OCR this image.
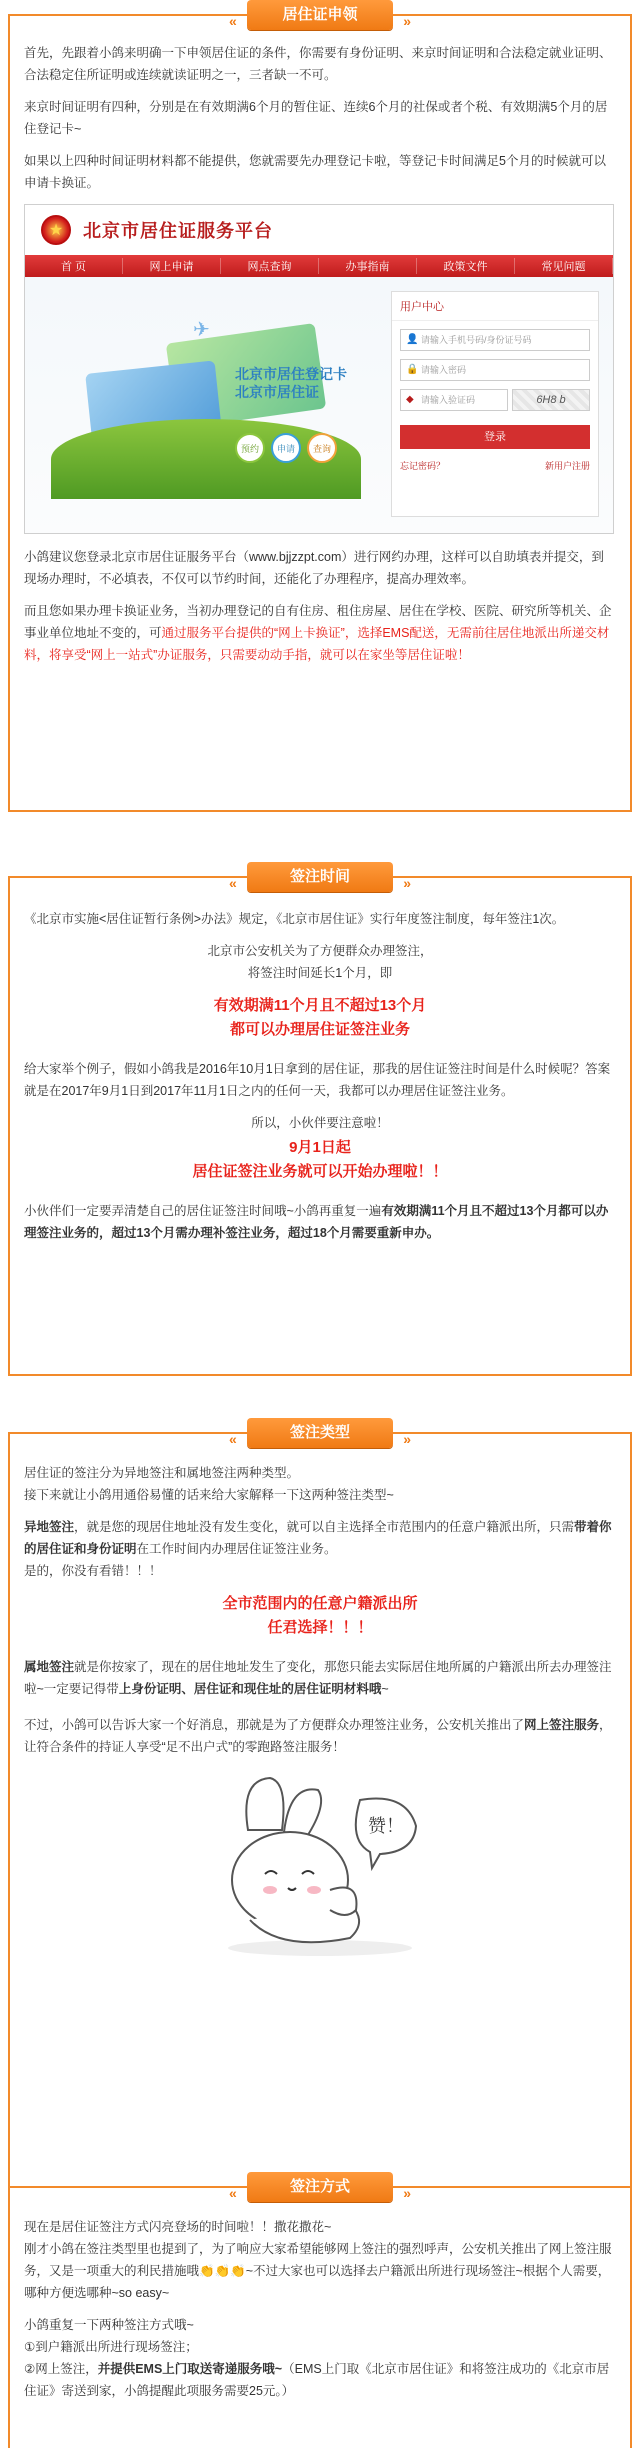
首先，先跟着小鸽来明确一下申领居住证的条件，你需要有身份证明、来京时间证明和合法稳定就业证明、合法稳定住所证明或连续就读证明之一，三者缺一不可。

来京时间证明有四种，分别是在有效期满6个月的暂住证、连续6个月的社保或者个税、有效期满5个月的居住登记卡~

如果以上四种时间证明材料都不能提供，您就需要先办理登记卡啦，等登记卡时间满足5个月的时候就可以申请卡换证。

★	北京市居住证服务平台
首 页	网上申请	网点查询	办事指南	政策文件	常见问题
✈
北京市居住登记卡
北京市居住证
预约	申请	查询
用户中心
👤 请输入手机号码/身份证号码
🔒 请输入密码
◆ 请输入验证码	6H8 b
登录
忘记密码？	新用户注册

小鸽建议您登录北京市居住证服务平台（www.bjjzzpt.com）进行网约办理，这样可以自助填表并提交，到现场办理时，不必填表，不仅可以节约时间，还能化了办理程序，提高办理效率。

而且您如果办理卡换证业务，当初办理登记的自有住房、租住房屋、居住在学校、医院、研究所等机关、企事业单位地址不变的，可通过服务平台提供的“网上卡换证”，选择EMS配送，无需前往居住地派出所递交材料，将享受“网上一站式”办证服务，只需要动动手指，就可以在家坐等居住证啦！

«	居住证申领	»

《北京市实施<居住证暂行条例>办法》规定，《北京市居住证》实行年度签注制度，每年签注1次。

北京市公安机关为了方便群众办理签注，

将签注时间延长1个月，即

有效期满11个月且不超过13个月
都可以办理居住证签注业务

给大家举个例子，假如小鸽我是2016年10月1日拿到的居住证，那我的居住证签注时间是什么时候呢？答案就是在2017年9月1日到2017年11月1日之内的任何一天，我都可以办理居住证签注业务。

所以，小伙伴要注意啦！

9月1日起
居住证签注业务就可以开始办理啦！！

小伙伴们一定要弄清楚自己的居住证签注时间哦~小鸽再重复一遍有效期满11个月且不超过13个月都可以办理签注业务的，超过13个月需办理补签注业务，超过18个月需要重新申办。

«	签注时间	»

居住证的签注分为异地签注和属地签注两种类型。

接下来就让小鸽用通俗易懂的话来给大家解释一下这两种签注类型~

异地签注，就是您的现居住地址没有发生变化，就可以自主选择全市范围内的任意户籍派出所，只需带着你的居住证和身份证明在工作时间内办理居住证签注业务。

是的，你没有看错！！！

全市范围内的任意户籍派出所
任君选择！！！

属地签注就是你按家了，现在的居住地址发生了变化，那您只能去实际居住地所属的户籍派出所去办理签注啦~一定要记得带上身份证明、居住证和现住址的居住证明材料哦~

不过，小鸽可以告诉大家一个好消息，那就是为了方便群众办理签注业务，公安机关推出了网上签注服务，让符合条件的持证人享受“足不出户式”的零跑路签注服务！

赞！
«	签注类型	»

现在是居住证签注方式闪亮登场的时间啦！！撒花撒花~

刚才小鸽在签注类型里也提到了，为了响应大家希望能够网上签注的强烈呼声，公安机关推出了网上签注服务，又是一项重大的利民措施哦👏👏👏~不过大家也可以选择去户籍派出所进行现场签注~根据个人需要，哪种方便选哪种~so easy~

小鸽重复一下两种签注方式哦~

①到户籍派出所进行现场签注；

②网上签注，并提供EMS上门取送寄递服务哦~（EMS上门取《北京市居住证》和将签注成功的《北京市居住证》寄送到家，小鸽提醒此项服务需要25元。）

«	签注方式	»
